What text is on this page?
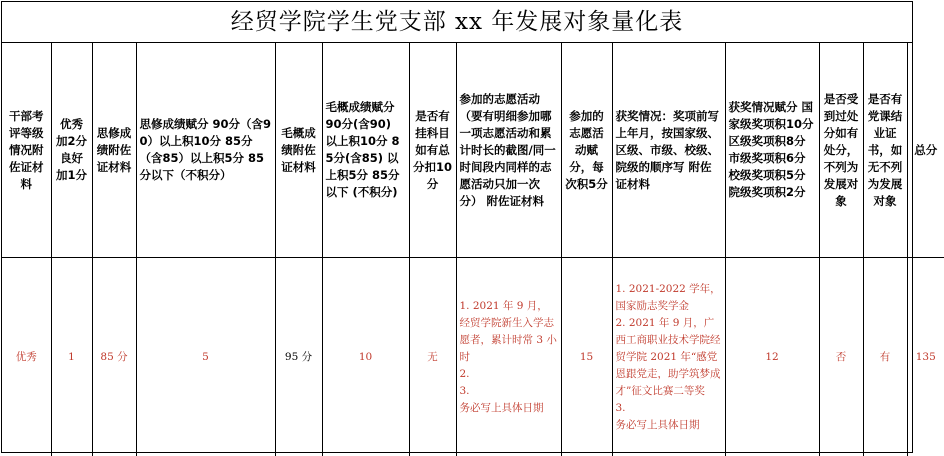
经贸学院学生党支部 xx 年发展对象量化表
干部考评等级情况附佐证材料	优秀加2分良好加1分	思修成绩附佐证材料	思修成绩赋分 90分（含90）以上积10分 85分（含85）以上积5分 85分以下（不积分）	毛概成绩附佐证材料	毛概成绩赋分 90分(含90) 以上积10分 85分(含85) 以上积5分 85分以下 (不积分)	是否有挂科目 如有总分扣10分	参加的志愿活动（要有明细参加哪一项志愿活动和累计时长的截图/同一时间段内同样的志愿活动只加一次分） 附佐证材料	参加的志愿活动赋分，每次积5分	获奖情况：奖项前写上年月，按国家级、区级、市级、校级、院级的顺序写 附佐证材料	获奖情况赋分 国家级奖项积10分 区级奖项积8分 市级奖项积6分 校级奖项积5分 院级奖项积2分	是否受到过处分如有处分，不列为发展对象	是否有党课结业证书，如无不列为发展对象	总分
优秀	1	85 分	5	95 分	10	无	1. 2021 年 9 月，经贸学院新生入学志愿者，累计时常 3 小时
2.
3.
务必写上具体日期	15	1. 2021-2022 学年，国家励志奖学金
2. 2021 年 9 月，广西工商职业技术学院经贸学院 2021 年“感党恩跟党走，助学筑梦成才”征文比赛二等奖
3.
务必写上具体日期	12	否	有	135
